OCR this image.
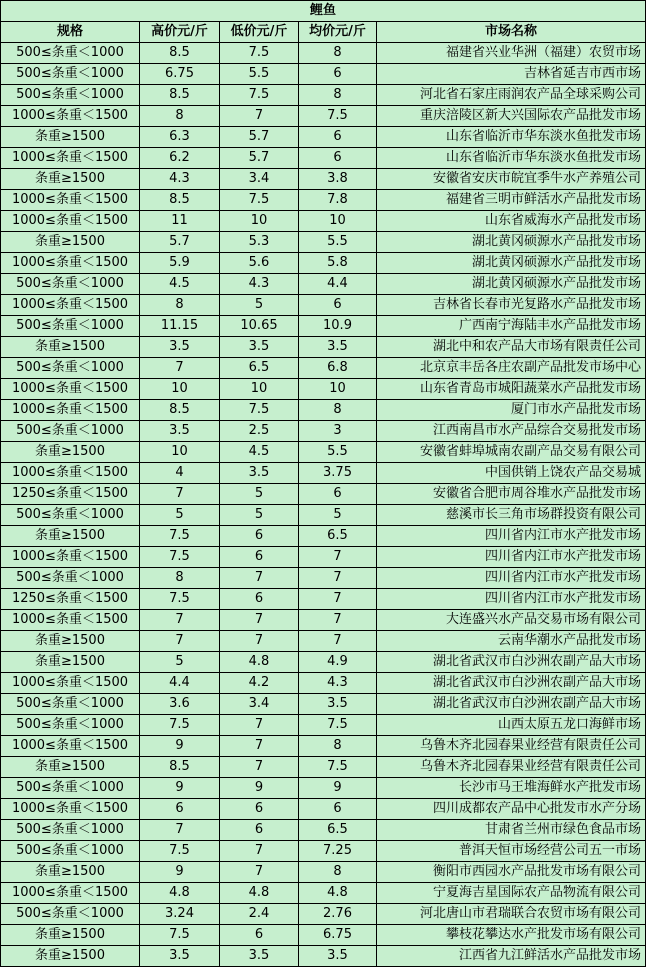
鲤鱼				
规格	高价元/斤	低价元/斤	均价元/斤	市场名称
500≤条重＜1000	8.5	7.5	8	福建省兴业华洲（福建）农贸市场
500≤条重＜1000	6.75	5.5	6	吉林省延吉市西市场
500≤条重＜1000	8.5	7.5	8	河北省石家庄雨润农产品全球采购公司
1000≤条重＜1500	8	7	7.5	重庆涪陵区新大兴国际农产品批发市场
条重≥1500	6.3	5.7	6	山东省临沂市华东淡水鱼批发市场
1000≤条重＜1500	6.2	5.7	6	山东省临沂市华东淡水鱼批发市场
条重≥1500	4.3	3.4	3.8	安徽省安庆市皖宜季牛水产养殖公司
1000≤条重＜1500	8.5	7.5	7.8	福建省三明市鲜活水产品批发市场
1000≤条重＜1500	11	10	10	山东省威海水产品批发市场
条重≥1500	5.7	5.3	5.5	湖北黄冈硕源水产品批发市场
1000≤条重＜1500	5.9	5.6	5.8	湖北黄冈硕源水产品批发市场
500≤条重＜1000	4.5	4.3	4.4	湖北黄冈硕源水产品批发市场
1000≤条重＜1500	8	5	6	吉林省长春市光复路水产品批发市场
500≤条重＜1000	11.15	10.65	10.9	广西南宁海陆丰水产品批发市场
条重≥1500	3.5	3.5	3.5	湖北中和农产品大市场有限责任公司
500≤条重＜1000	7	6.5	6.8	北京京丰岳各庄农副产品批发市场中心
1000≤条重＜1500	10	10	10	山东省青岛市城阳蔬菜水产品批发市场
1000≤条重＜1500	8.5	7.5	8	厦门市水产品批发市场
500≤条重＜1000	3.5	2.5	3	江西南昌市水产品综合交易批发市场
条重≥1500	10	4.5	5.5	安徽省蚌埠城南农副产品交易有限公司
1000≤条重＜1500	4	3.5	3.75	中国供销上饶农产品交易城
1250≤条重＜1500	7	5	6	安徽省合肥市周谷堆水产品批发市场
500≤条重＜1000	5	5	5	慈溪市长三角市场群投资有限公司
条重≥1500	7.5	6	6.5	四川省内江市水产批发市场
1000≤条重＜1500	7.5	6	7	四川省内江市水产批发市场
500≤条重＜1000	8	7	7	四川省内江市水产批发市场
1250≤条重＜1500	7.5	6	7	四川省内江市水产批发市场
1000≤条重＜1500	7	7	7	大连盛兴水产品交易市场有限公司
条重≥1500	7	7	7	云南华潮水产品批发市场
条重≥1500	5	4.8	4.9	湖北省武汉市白沙洲农副产品大市场
1000≤条重＜1500	4.4	4.2	4.3	湖北省武汉市白沙洲农副产品大市场
500≤条重＜1000	3.6	3.4	3.5	湖北省武汉市白沙洲农副产品大市场
500≤条重＜1000	7.5	7	7.5	山西太原五龙口海鲜市场
1000≤条重＜1500	9	7	8	乌鲁木齐北园春果业经营有限责任公司
条重≥1500	8.5	7	7.5	乌鲁木齐北园春果业经营有限责任公司
500≤条重＜1000	9	9	9	长沙市马王堆海鲜水产批发市场
1000≤条重＜1500	6	6	6	四川成都农产品中心批发市水产分场
500≤条重＜1000	7	6	6.5	甘肃省兰州市绿色食品市场
500≤条重＜1000	7.5	7	7.25	普洱天恒市场经营公司五一市场
条重≥1500	9	7	8	衡阳市西园水产品批发市场有限公司
1000≤条重＜1500	4.8	4.8	4.8	宁夏海吉星国际农产品物流有限公司
500≤条重＜1000	3.24	2.4	2.76	河北唐山市君瑞联合农贸市场有限公司
条重≥1500	7.5	6	6.75	攀枝花攀达水产批发市场有限公司
条重≥1500	3.5	3.5	3.5	江西省九江鲜活水产品批发市场
